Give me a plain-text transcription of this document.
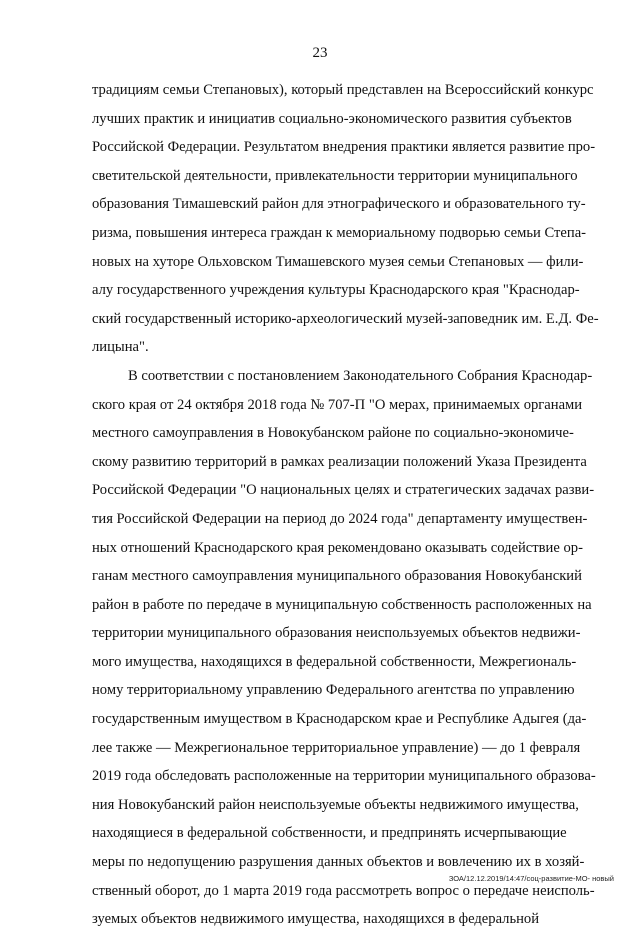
23
традициям семьи Степановых), который представлен на Всероссийский конкурс
лучших практик и инициатив социально-экономического развития субъектов
Российской Федерации. Результатом внедрения практики является развитие про-
светительской деятельности, привлекательности территории муниципального
образования Тимашевский район для этнографического и образовательного ту-
ризма, повышения интереса граждан к мемориальному подворью семьи Степа-
новых на хуторе Ольховском Тимашевского музея семьи Степановых — фили-
алу государственного учреждения культуры Краснодарского края "Краснодар-
ский государственный историко-археологический музей-заповедник им. Е.Д. Фе-
лицына".
В соответствии с постановлением Законодательного Собрания Краснодар-
ского края от 24 октября 2018 года № 707-П "О мерах, принимаемых органами
местного самоуправления в Новокубанском районе по социально-экономиче-
скому развитию территорий в рамках реализации положений Указа Президента
Российской Федерации "О национальных целях и стратегических задачах разви-
тия Российской Федерации на период до 2024 года" департаменту имуществен-
ных отношений Краснодарского края рекомендовано оказывать содействие ор-
ганам местного самоуправления муниципального образования Новокубанский
район в работе по передаче в муниципальную собственность расположенных на
территории муниципального образования неиспользуемых объектов недвижи-
мого имущества, находящихся в федеральной собственности, Межрегиональ-
ному территориальному управлению Федерального агентства по управлению
государственным имуществом в Краснодарском крае и Республике Адыгея (да-
лее также — Межрегиональное территориальное управление) — до 1 февраля
2019 года обследовать расположенные на территории муниципального образова-
ния Новокубанский район неиспользуемые объекты недвижимого имущества,
находящиеся в федеральной собственности, и предпринять исчерпывающие
меры по недопущению разрушения данных объектов и вовлечению их в хозяй-
ственный оборот, до 1 марта 2019 года рассмотреть вопрос о передаче неисполь-
зуемых объектов недвижимого имущества, находящихся в федеральной
ЗОА/12.12.2019/14:47/соц-развитие-МО- новый
